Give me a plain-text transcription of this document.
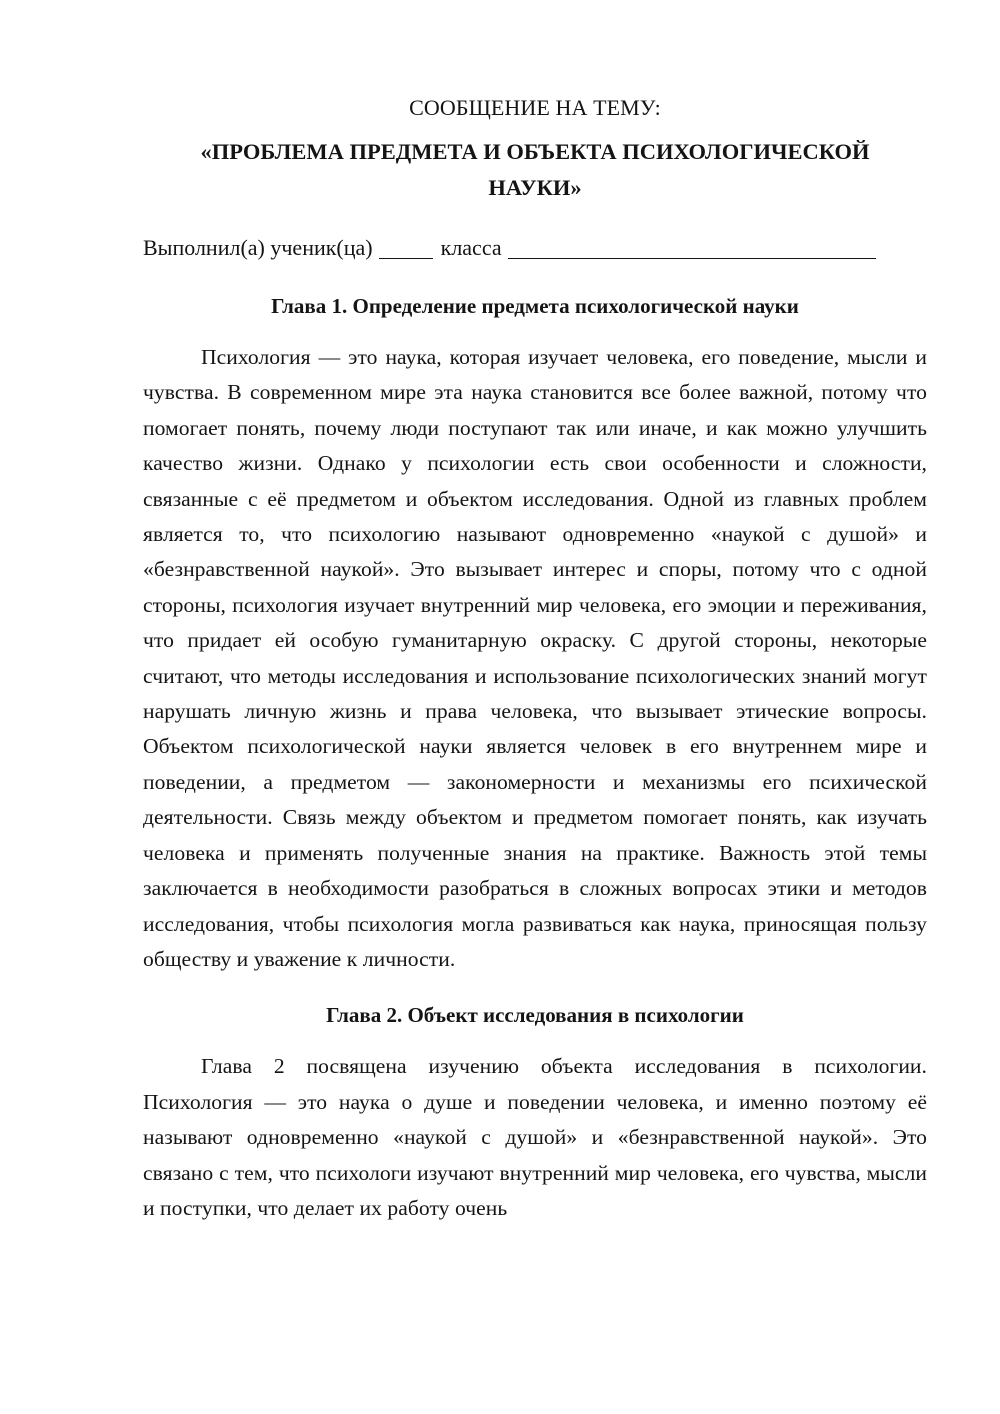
СООБЩЕНИЕ НА ТЕМУ:

«ПРОБЛЕМА ПРЕДМЕТА И ОБЪЕКТА ПСИХОЛОГИЧЕСКОЙ НАУКИ»

Выполнил(а) ученик(ца)	класса

Глава 1. Определение предмета психологической науки

Психология — это наука, которая изучает человека, его поведение, мысли и чувства. В современном мире эта наука становится все более важной, потому что помогает понять, почему люди поступают так или иначе, и как можно улучшить качество жизни. Однако у психологии есть свои особенности и сложности, связанные с её предметом и объектом исследования. Одной из главных проблем является то, что психологию называют одновременно «наукой с душой» и «безнравственной наукой». Это вызывает интерес и споры, потому что с одной стороны, психология изучает внутренний мир человека, его эмоции и переживания, что придает ей особую гуманитарную окраску. С другой стороны, некоторые считают, что методы исследования и использование психологических знаний могут нарушать личную жизнь и права человека, что вызывает этические вопросы. Объектом психологической науки является человек в его внутреннем мире и поведении, а предметом — закономерности и механизмы его психической деятельности. Связь между объектом и предметом помогает понять, как изучать человека и применять полученные знания на практике. Важность этой темы заключается в необходимости разобраться в сложных вопросах этики и методов исследования, чтобы психология могла развиваться как наука, приносящая пользу обществу и уважение к личности.

Глава 2. Объект исследования в психологии

Глава 2 посвящена изучению объекта исследования в психологии. Психология — это наука о душе и поведении человека, и именно поэтому её называют одновременно «наукой с душой» и «безнравственной наукой». Это связано с тем, что психологи изучают внутренний мир человека, его чувства, мысли и поступки, что делает их работу очень
